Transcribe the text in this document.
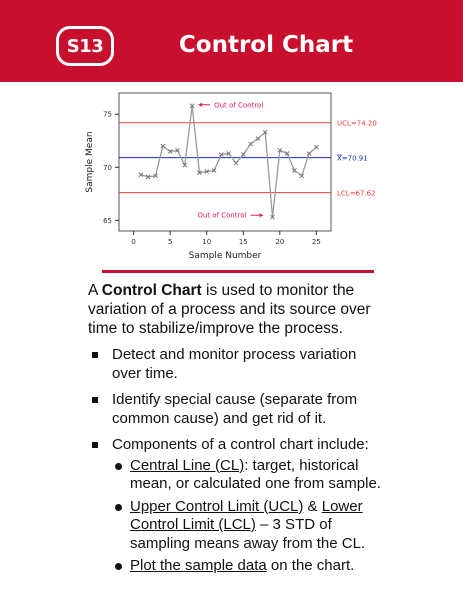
S13	Control Chart
65
70
75
0	5	10	15	20	25
Sample Number
Sample Mean
UCL=74.20
X=70.91
LCL=67.62
Out of Control
Out of Control

A Control Chart is used to monitor the variation of a process and its source over time to stabilize/improve the process.

Detect and monitor process variation over time.
Identify special cause (separate from common cause) and get rid of it.
Components of a control chart include:
Central Line (CL): target, historical mean, or calculated one from sample.
Upper Control Limit (UCL) & Lower Control Limit (LCL) – 3 STD of sampling means away from the CL.
Plot the sample data on the chart.
